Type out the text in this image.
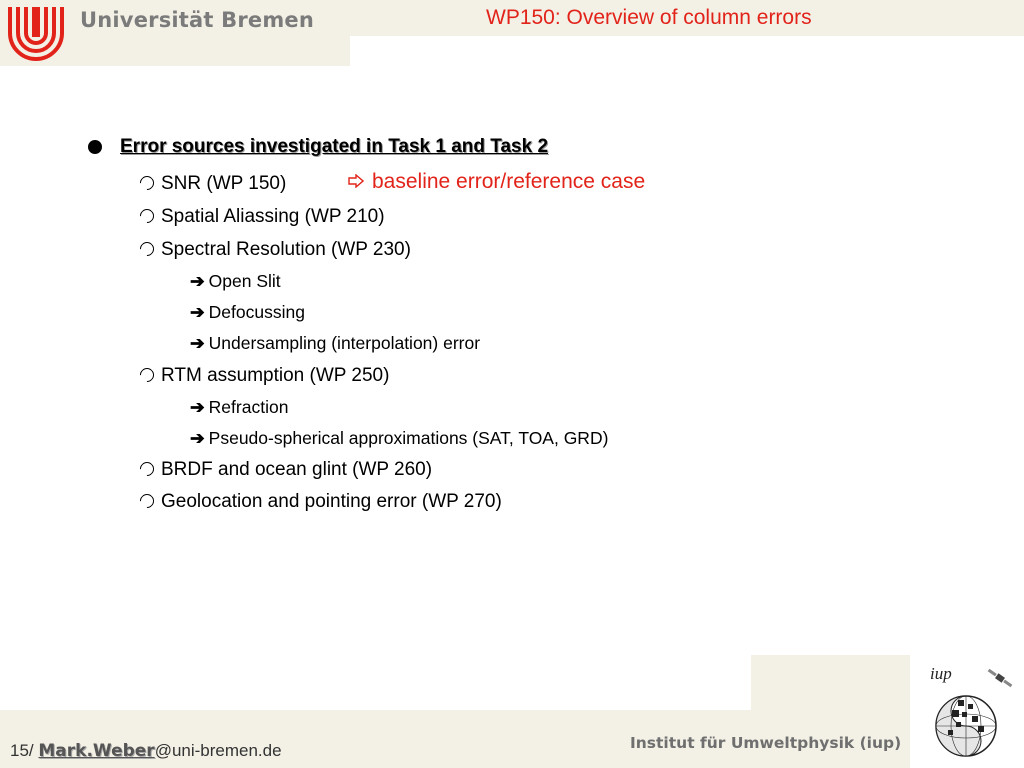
Universität Bremen	WP150: Overview of column errors
Error sources investigated in Task 1 and Task 2
SNR (WP 150)	baseline error/reference case
Spatial Aliassing (WP 210)
Spectral Resolution (WP 230)
➔ Open Slit
➔ Defocussing
➔ Undersampling (interpolation) error
RTM assumption (WP 250)
➔ Refraction
➔ Pseudo-spherical approximations (SAT, TOA, GRD)
BRDF and ocean glint (WP 260)
Geolocation and pointing error (WP 270)
15/ Mark.Weber@uni-bremen.de	Institut für Umweltphysik (iup)
iup
